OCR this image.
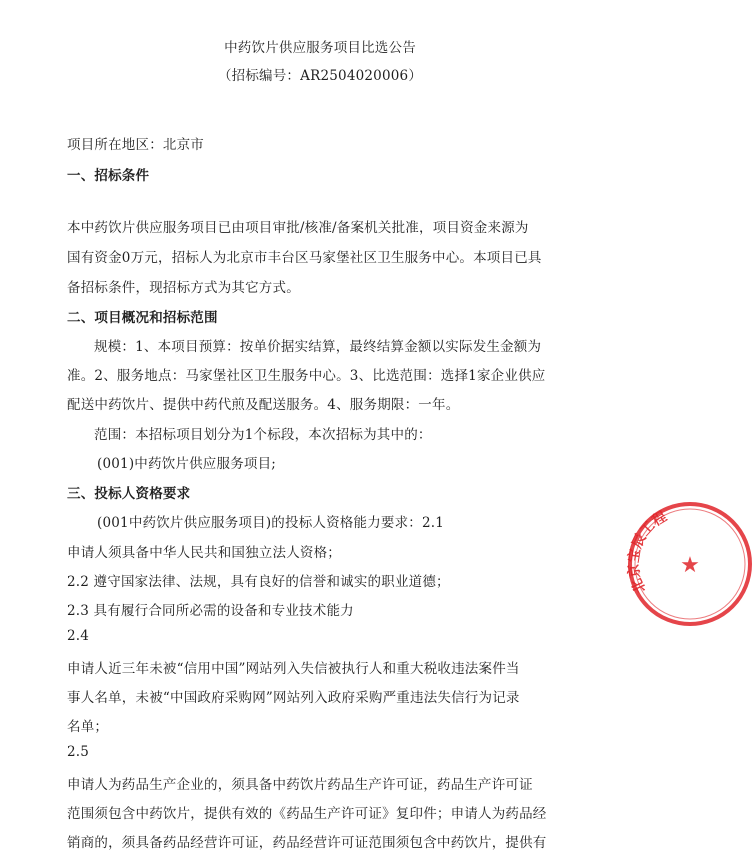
中药饮片供应服务项目比选公告
（招标编号：AR2504020006）
项目所在地区：北京市
一、招标条件
本中药饮片供应服务项目已由项目审批/核准/备案机关批准，项目资金来源为
国有资金0万元，招标人为北京市丰台区马家堡社区卫生服务中心。本项目已具
备招标条件，现招标方式为其它方式。
二、项目概况和招标范围
规模：1、本项目预算：按单价据实结算，最终结算金额以实际发生金额为
准。2、服务地点：马家堡社区卫生服务中心。3、比选范围：选择1家企业供应
配送中药饮片、提供中药代煎及配送服务。4、服务期限：一年。
范围：本招标项目划分为1个标段，本次招标为其中的：
(001)中药饮片供应服务项目;
三、投标人资格要求
(001中药饮片供应服务项目)的投标人资格能力要求：2.1
申请人须具备中华人民共和国独立法人资格；
2.2 遵守国家法律、法规，具有良好的信誉和诚实的职业道德；
2.3 具有履行合同所必需的设备和专业技术能力
2.4
申请人近三年未被“信用中国”网站列入失信被执行人和重大税收违法案件当
事人名单，未被“中国政府采购网”网站列入政府采购严重违法失信行为记录
名单；
2.5
申请人为药品生产企业的，须具备中药饮片药品生产许可证，药品生产许可证
范围须包含中药饮片，提供有效的《药品生产许可证》复印件；申请人为药品经
销商的，须具备药品经营许可证，药品经营许可证范围须包含中药饮片，提供有
北京宝辰工程
★
